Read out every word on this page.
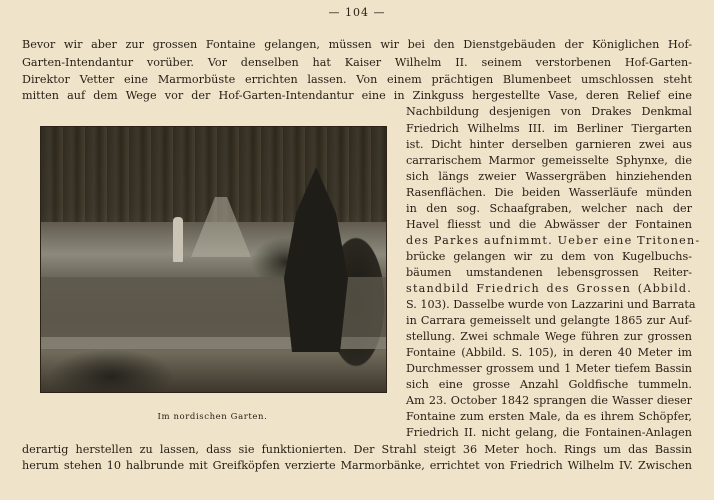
— 104 —
Bevor wir aber zur grossen Fontaine gelangen, müssen wir bei den Dienstgebäuden der Königlichen Hof-
Garten-Intendantur vorüber. Vor denselben hat Kaiser Wilhelm II. seinem verstorbenen Hof-Garten-
Direktor Vetter eine Marmorbüste errichten lassen. Von einem prächtigen Blumenbeet umschlossen steht
mitten auf dem Wege vor der Hof-Garten-Intendantur eine in Zinkguss hergestellte Vase, deren Relief eine
Im nordischen Garten.
Nachbildung desjenigen von Drakes Denkmal
Friedrich Wilhelms III. im Berliner Tiergarten
ist. Dicht hinter derselben garnieren zwei aus
carrarischem Marmor gemeisselte Sphynxe, die
sich längs zweier Wassergräben hinziehenden
Rasenflächen. Die beiden Wasserläufe münden
in den sog. Schaafgraben, welcher nach der
Havel fliesst und die Abwässer der Fontainen
des Parkes aufnimmt. Ueber eine Tritonen-
brücke gelangen wir zu dem von Kugelbuchs-
bäumen umstandenen lebensgrossen Reiter-
standbild Friedrich des Grossen (Abbild.
S. 103). Dasselbe wurde von Lazzarini und Barrata
in Carrara gemeisselt und gelangte 1865 zur Auf-
stellung. Zwei schmale Wege führen zur grossen
Fontaine (Abbild. S. 105), in deren 40 Meter im
Durchmesser grossem und 1 Meter tiefem Bassin
sich eine grosse Anzahl Goldfische tummeln.
Am 23. October 1842 sprangen die Wasser dieser
Fontaine zum ersten Male, da es ihrem Schöpfer,
Friedrich II. nicht gelang, die Fontainen-Anlagen
derartig herstellen zu lassen, dass sie funktionierten. Der Strahl steigt 36 Meter hoch. Rings um das Bassin
herum stehen 10 halbrunde mit Greifköpfen verzierte Marmorbänke, errichtet von Friedrich Wilhelm IV. Zwischen
